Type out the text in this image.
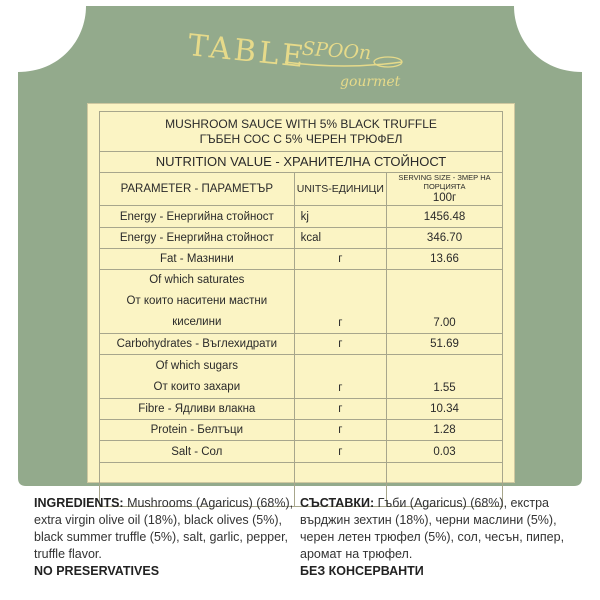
TABLE
SPOOn
gourmet
MUSHROOM SAUCE WITH 5% BLACK TRUFFLE
ГЪБЕН СОС С 5% ЧЕРЕН ТРЮФЕЛ		
NUTRITION VALUE - ХРАНИТЕЛНА СТОЙНОСТ		
PARAMETER - ПАРАМЕТЪР	UNITS-ЕДИНИЦИ	SERVING SIZE - ЗМЕР НА ПОРЦИЯТА
100г
Energy - Енергийна стойност	kj	1456.48
Energy - Енергийна стойност	kcal	346.70
Fat - Мазнини	г	13.66
Of which saturates
От които наситени мастни киселини	г	7.00
Carbohydrates - Въглехидрати	г	51.69
Of which sugars
От които захари	г	1.55
Fibre - Ядливи влакна	г	10.34
Protein - Белтъци	г	1.28
Salt - Сол	г	0.03

INGREDIENTS: Mushrooms (Agaricus) (68%),
extra virgin olive oil (18%), black olives (5%),
black summer truffle (5%), salt, garlic, pepper,
truffle flavor.
NO PRESERVATIVES
СЪСТАВКИ: Гъби (Agaricus) (68%), екстра
върджин зехтин (18%), черни маслини (5%),
черен летен трюфел (5%), сол, чесън, пипер,
аромат на трюфел.
БЕЗ КОНСЕРВАНТИ
